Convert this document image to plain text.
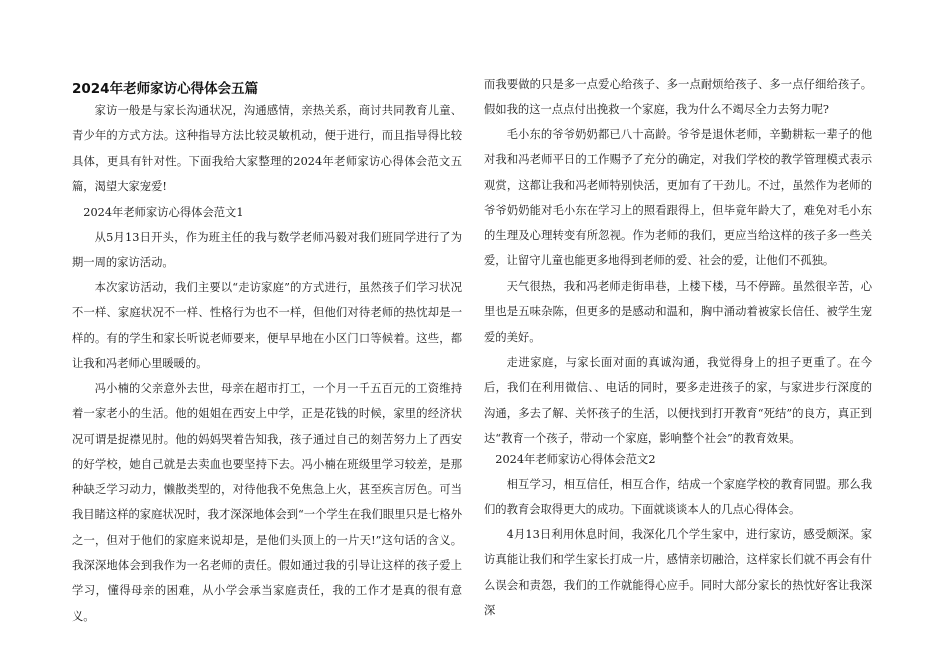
2024年老师家访心得体会五篇

家访一般是与家长沟通状况，沟通感情，亲热关系，商讨共同教育儿童、青少年的方式方法。这种指导方法比较灵敏机动，便于进行，而且指导得比较具体，更具有针对性。下面我给大家整理的2024年老师家访心得体会范文五篇，渴望大家宠爱!

2024年老师家访心得体会范文1

从5月13日开头，作为班主任的我与数学老师冯毅对我们班同学进行了为期一周的家访活动。

本次家访活动，我们主要以“走访家庭”的方式进行，虽然孩子们学习状况不一样、家庭状况不一样、性格行为也不一样，但他们对待老师的热忱却是一样的。有的学生和家长听说老师要来，便早早地在小区门口等候着。这些，都让我和冯老师心里暖暖的。

冯小楠的父亲意外去世，母亲在超市打工，一个月一千五百元的工资维持着一家老小的生活。他的姐姐在西安上中学，正是花钱的时候，家里的经济状况可谓是捉襟见肘。他的妈妈哭着告知我，孩子通过自己的刻苦努力上了西安的好学校，她自己就是去卖血也要坚持下去。冯小楠在班级里学习较差，是那种缺乏学习动力，懒散类型的，对待他我不免焦急上火，甚至疾言厉色。可当我目睹这样的家庭状况时，我才深深地体会到“一个学生在我们眼里只是七格外之一，但对于他们的家庭来说却是，是他们头顶上的一片天!”这句话的含义。我深深地体会到我作为一名老师的责任。假如通过我的引导让这样的孩子爱上学习，懂得母亲的困难，从小学会承当家庭责任，我的工作才是真的很有意义。

而我要做的只是多一点爱心给孩子、多一点耐烦给孩子、多一点仔细给孩子。假如我的这一点点付出挽救一个家庭，我为什么不竭尽全力去努力呢?

毛小东的爷爷奶奶都已八十高龄。爷爷是退休老师，辛勤耕耘一辈子的他对我和冯老师平日的工作赐予了充分的确定，对我们学校的教学管理模式表示观赏，这都让我和冯老师特别快活，更加有了干劲儿。不过，虽然作为老师的爷爷奶奶能对毛小东在学习上的照看跟得上，但毕竟年龄大了，难免对毛小东的生理及心理转变有所忽视。作为老师的我们，更应当给这样的孩子多一些关爱，让留守儿童也能更多地得到老师的爱、社会的爱，让他们不孤独。

天气很热，我和冯老师走街串巷，上楼下楼，马不停蹄。虽然很辛苦，心里也是五味杂陈，但更多的是感动和温和，胸中涌动着被家长信任、被学生宠爱的美好。

走进家庭，与家长面对面的真诚沟通，我觉得身上的担子更重了。在今后，我们在利用微信、、电话的同时，要多走进孩子的家，与家进步行深度的沟通，多去了解、关怀孩子的生活，以便找到打开教育“死结”的良方，真正到达“教育一个孩子，带动一个家庭，影响整个社会”的教育效果。

2024年老师家访心得体会范文2

相互学习，相互信任，相互合作，结成一个家庭学校的教育同盟。那么我们的教育会取得更大的成功。下面就谈谈本人的几点心得体会。

4月13日利用休息时间，我深化几个学生家中，进行家访，感受颇深。家访真能让我们和学生家长打成一片，感情亲切融洽，这样家长们就不再会有什么误会和责怨，我们的工作就能得心应手。同时大部分家长的热忱好客让我深深
